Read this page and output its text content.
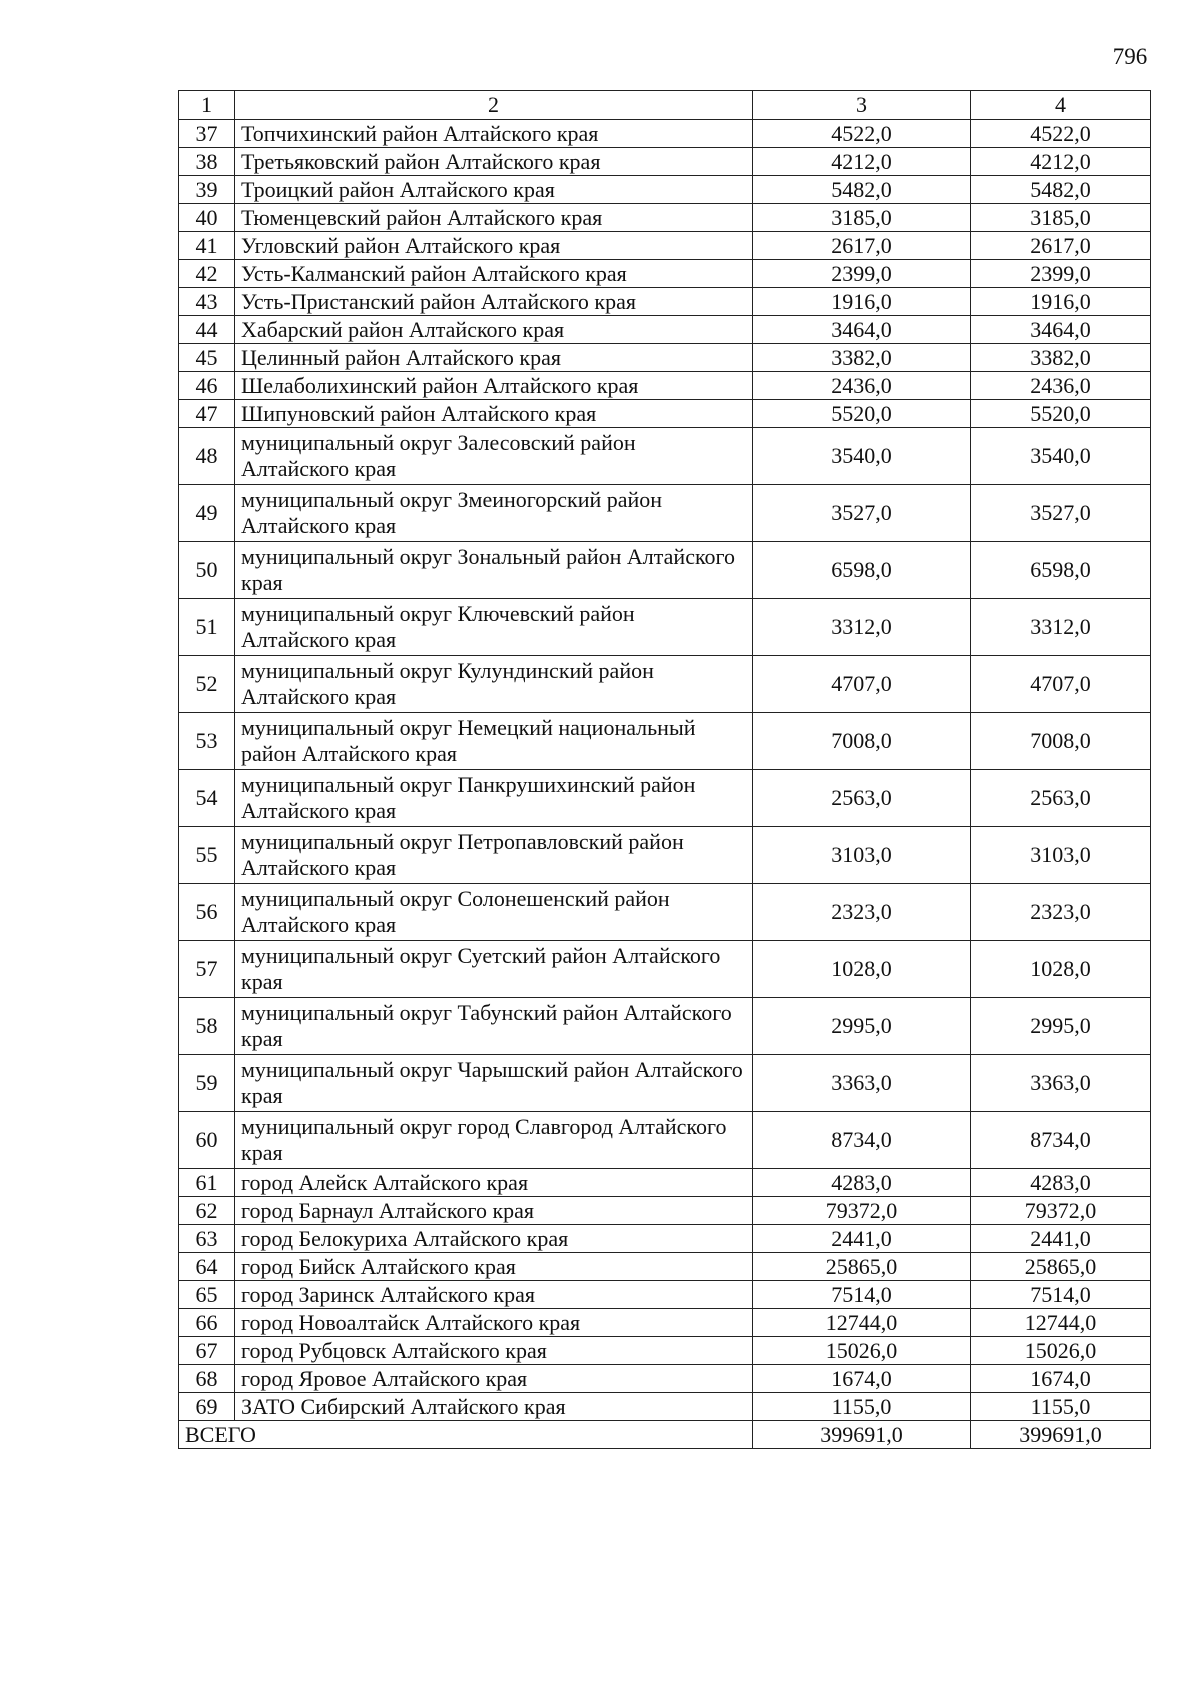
796
1	2	3	4
37	Топчихинский район Алтайского края	4522,0	4522,0
38	Третьяковский район Алтайского края	4212,0	4212,0
39	Троицкий район Алтайского края	5482,0	5482,0
40	Тюменцевский район Алтайского края	3185,0	3185,0
41	Угловский район Алтайского края	2617,0	2617,0
42	Усть-Калманский район Алтайского края	2399,0	2399,0
43	Усть-Пристанский район Алтайского края	1916,0	1916,0
44	Хабарский район Алтайского края	3464,0	3464,0
45	Целинный район Алтайского края	3382,0	3382,0
46	Шелаболихинский район Алтайского края	2436,0	2436,0
47	Шипуновский район Алтайского края	5520,0	5520,0
48	муниципальный округ Залесовский район Алтайского края	3540,0	3540,0
49	муниципальный округ Змеиногорский район Алтайского края	3527,0	3527,0
50	муниципальный округ Зональный район Алтайского края	6598,0	6598,0
51	муниципальный округ Ключевский район Алтайского края	3312,0	3312,0
52	муниципальный округ Кулундинский район Алтайского края	4707,0	4707,0
53	муниципальный округ Немецкий национальный район Алтайского края	7008,0	7008,0
54	муниципальный округ Панкрушихинский район Алтайского края	2563,0	2563,0
55	муниципальный округ Петропавловский район Алтайского края	3103,0	3103,0
56	муниципальный округ Солонешенский район Алтайского края	2323,0	2323,0
57	муниципальный округ Суетский район Алтайского края	1028,0	1028,0
58	муниципальный округ Табунский район Алтайского края	2995,0	2995,0
59	муниципальный округ Чарышский район Алтайского края	3363,0	3363,0
60	муниципальный округ город Славгород Алтайского края	8734,0	8734,0
61	город Алейск Алтайского края	4283,0	4283,0
62	город Барнаул Алтайского края	79372,0	79372,0
63	город Белокуриха Алтайского края	2441,0	2441,0
64	город Бийск Алтайского края	25865,0	25865,0
65	город Заринск Алтайского края	7514,0	7514,0
66	город Новоалтайск Алтайского края	12744,0	12744,0
67	город Рубцовск Алтайского края	15026,0	15026,0
68	город Яровое Алтайского края	1674,0	1674,0
69	ЗАТО Сибирский Алтайского края	1155,0	1155,0
ВСЕГО		399691,0	399691,0
